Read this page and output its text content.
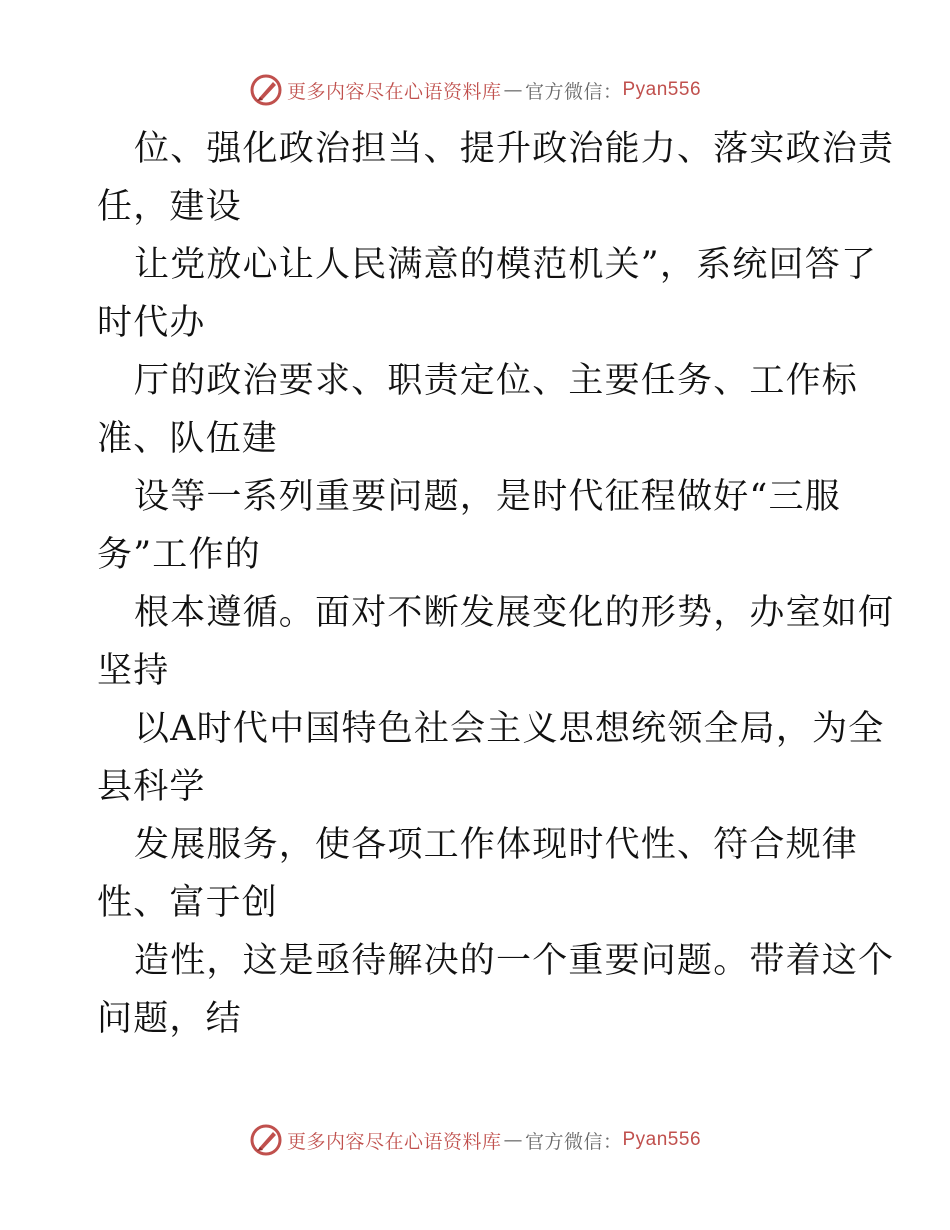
更多内容尽在心语资料库 — 官方微信： Pyan556
位、强化政治担当、提升政治能力、落实政治责
任，建设
让党放心让人民满意的模范机关”，系统回答了
时代办
厅的政治要求、职责定位、主要任务、工作标
准、队伍建
设等一系列重要问题，是时代征程做好“三服
务”工作的
根本遵循。面对不断发展变化的形势，办室如何
坚持
以A时代中国特色社会主义思想统领全局，为全
县科学
发展服务，使各项工作体现时代性、符合规律
性、富于创
造性，这是亟待解决的一个重要问题。带着这个
问题，结
更多内容尽在心语资料库 — 官方微信： Pyan556
